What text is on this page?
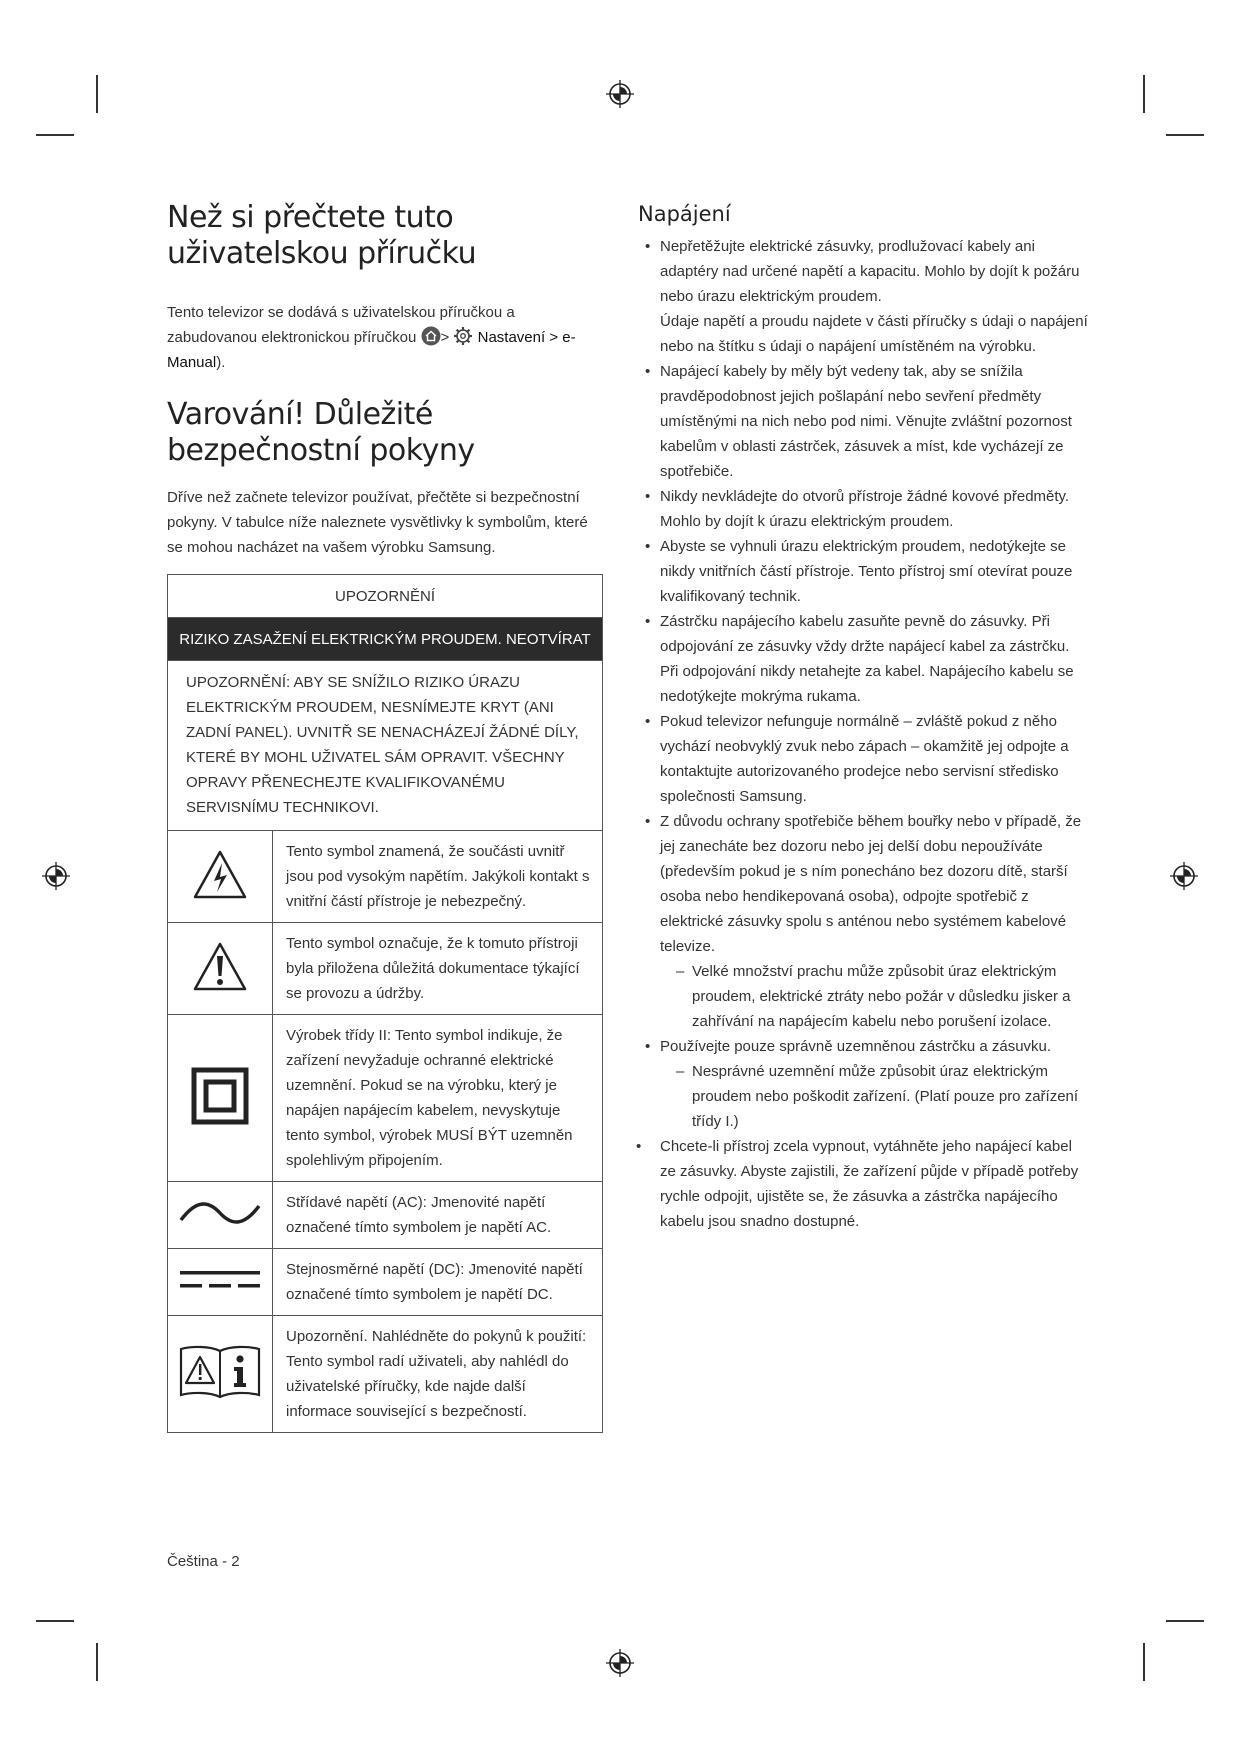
Než si přečtete tuto uživatelskou příručku

Tento televizor se dodává s uživatelskou příručkou a zabudovanou elektronickou příručkou > Nastavení > e-Manual).

Varování! Důležité bezpečnostní pokyny

Dříve než začnete televizor používat, přečtěte si bezpečnostní pokyny. V tabulce níže naleznete vysvětlivky k symbolům, které se mohou nacházet na vašem výrobku Samsung.

UPOZORNĚNÍ	
RIZIKO ZASAŽENÍ ELEKTRICKÝM PROUDEM. NEOTVÍRAT	
UPOZORNĚNÍ: ABY SE SNÍŽILO RIZIKO ÚRAZU ELEKTRICKÝM PROUDEM, NESNÍMEJTE KRYT (ANI ZADNÍ PANEL). UVNITŘ SE NENACHÁZEJÍ ŽÁDNÉ DÍLY, KTERÉ BY MOHL UŽIVATEL SÁM OPRAVIT. VŠECHNY OPRAVY PŘENECHEJTE KVALIFIKOVANÉMU SERVISNÍMU TECHNIKOVI.	
	Tento symbol znamená, že součásti uvnitř jsou pod vysokým napětím. Jakýkoli kontakt s vnitřní částí přístroje je nebezpečný.
	Tento symbol označuje, že k tomuto přístroji byla přiložena důležitá dokumentace týkající se provozu a údržby.
	Výrobek třídy II: Tento symbol indikuje, že zařízení nevyžaduje ochranné elektrické uzemnění. Pokud se na výrobku, který je napájen napájecím kabelem, nevyskytuje tento symbol, výrobek MUSÍ BÝT uzemněn spolehlivým připojením.
	Střídavé napětí (AC): Jmenovité napětí označené tímto symbolem je napětí AC.
	Stejnosměrné napětí (DC): Jmenovité napětí označené tímto symbolem je napětí DC.
	Upozornění. Nahlédněte do pokynů k použití: Tento symbol radí uživateli, aby nahlédl do uživatelské příručky, kde najde další informace související s bezpečností.
Napájení
• Nepřetěžujte elektrické zásuvky, prodlužovací kabely ani adaptéry nad určené napětí a kapacitu. Mohlo by dojít k požáru nebo úrazu elektrickým proudem.
Údaje napětí a proudu najdete v části příručky s údaji o napájení nebo na štítku s údaji o napájení umístěném na výrobku.
• Napájecí kabely by měly být vedeny tak, aby se snížila pravděpodobnost jejich pošlapání nebo sevření předměty umístěnými na nich nebo pod nimi. Věnujte zvláštní pozornost kabelům v oblasti zástrček, zásuvek a míst, kde vycházejí ze spotřebiče.
• Nikdy nevkládejte do otvorů přístroje žádné kovové předměty. Mohlo by dojít k úrazu elektrickým proudem.
• Abyste se vyhnuli úrazu elektrickým proudem, nedotýkejte se nikdy vnitřních částí přístroje. Tento přístroj smí otevírat pouze kvalifikovaný technik.
• Zástrčku napájecího kabelu zasuňte pevně do zásuvky. Při odpojování ze zásuvky vždy držte napájecí kabel za zástrčku. Při odpojování nikdy netahejte za kabel. Napájecího kabelu se nedotýkejte mokrýma rukama.
• Pokud televizor nefunguje normálně – zvláště pokud z něho vychází neobvyklý zvuk nebo zápach – okamžitě jej odpojte a kontaktujte autorizovaného prodejce nebo servisní středisko společnosti Samsung.
• Z důvodu ochrany spotřebiče během bouřky nebo v případě, že jej zanecháte bez dozoru nebo jej delší dobu nepoužíváte (především pokud je s ním ponecháno bez dozoru dítě, starší osoba nebo hendikepovaná osoba), odpojte spotřebič z elektrické zásuvky spolu s anténou nebo systémem kabelové televize.
– Velké množství prachu může způsobit úraz elektrickým proudem, elektrické ztráty nebo požár v důsledku jisker a zahřívání na napájecím kabelu nebo porušení izolace.
• Používejte pouze správně uzemněnou zástrčku a zásuvku.
– Nesprávné uzemnění může způsobit úraz elektrickým proudem nebo poškodit zařízení. (Platí pouze pro zařízení třídy I.)
• Chcete-li přístroj zcela vypnout, vytáhněte jeho napájecí kabel ze zásuvky. Abyste zajistili, že zařízení půjde v případě potřeby rychle odpojit, ujistěte se, že zásuvka a zástrčka napájecího kabelu jsou snadno dostupné.
Čeština - 2
